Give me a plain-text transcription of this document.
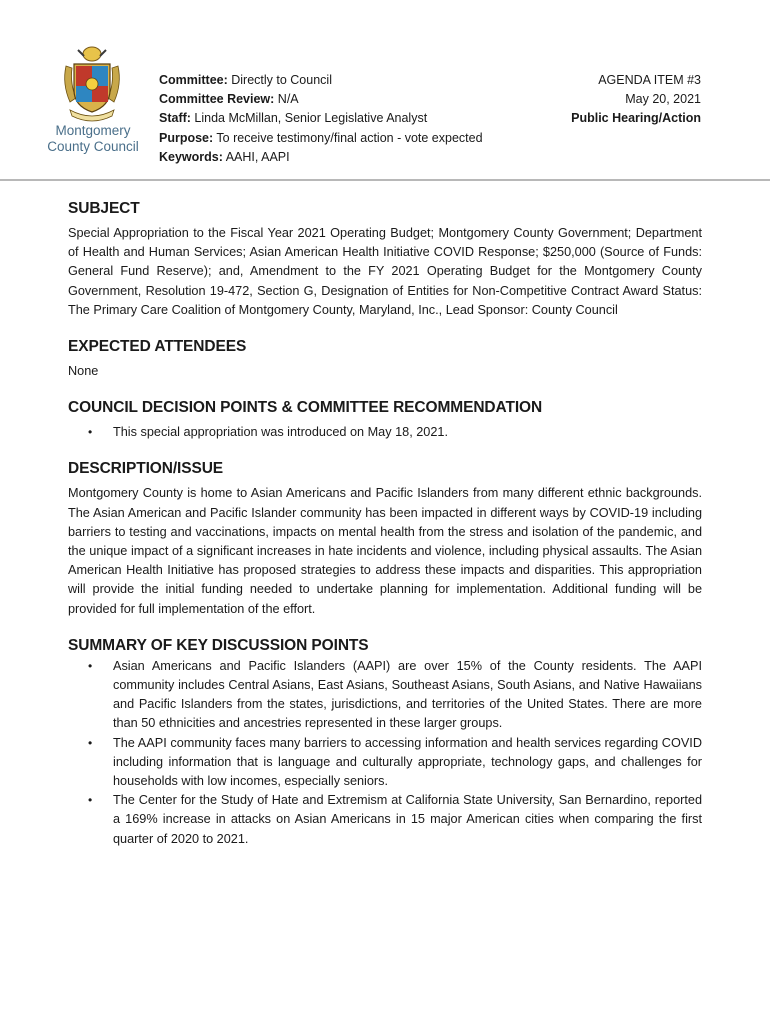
Montgomery
County Council
Committee: Directly to Council
Committee Review: N/A
Staff: Linda McMillan, Senior Legislative Analyst
Purpose: To receive testimony/final action - vote expected
Keywords: AAHI, AAPI
AGENDA ITEM #3
May 20, 2021
Public Hearing/Action
SUBJECT

Special Appropriation to the Fiscal Year 2021 Operating Budget; Montgomery County Government; Department of Health and Human Services; Asian American Health Initiative COVID Response; $250,000 (Source of Funds: General Fund Reserve); and, Amendment to the FY 2021 Operating Budget for the Montgomery County Government, Resolution 19-472, Section G, Designation of Entities for Non-Competitive Contract Award Status: The Primary Care Coalition of Montgomery County, Maryland, Inc., Lead Sponsor: County Council

EXPECTED ATTENDEES

None

COUNCIL DECISION POINTS & COMMITTEE RECOMMENDATION
• This special appropriation was introduced on May 18, 2021.
DESCRIPTION/ISSUE

Montgomery County is home to Asian Americans and Pacific Islanders from many different ethnic backgrounds. The Asian American and Pacific Islander community has been impacted in different ways by COVID-19 including barriers to testing and vaccinations, impacts on mental health from the stress and isolation of the pandemic, and the unique impact of a significant increases in hate incidents and violence, including physical assaults. The Asian American Health Initiative has proposed strategies to address these impacts and disparities. This appropriation will provide the initial funding needed to undertake planning for implementation. Additional funding will be provided for full implementation of the effort.

SUMMARY OF KEY DISCUSSION POINTS
• Asian Americans and Pacific Islanders (AAPI) are over 15% of the County residents. The AAPI community includes Central Asians, East Asians, Southeast Asians, South Asians, and Native Hawaiians and Pacific Islanders from the states, jurisdictions, and territories of the United States. There are more than 50 ethnicities and ancestries represented in these larger groups.
• The AAPI community faces many barriers to accessing information and health services regarding COVID including information that is language and culturally appropriate, technology gaps, and challenges for households with low incomes, especially seniors.
• The Center for the Study of Hate and Extremism at California State University, San Bernardino, reported a 169% increase in attacks on Asian Americans in 15 major American cities when comparing the first quarter of 2020 to 2021.
